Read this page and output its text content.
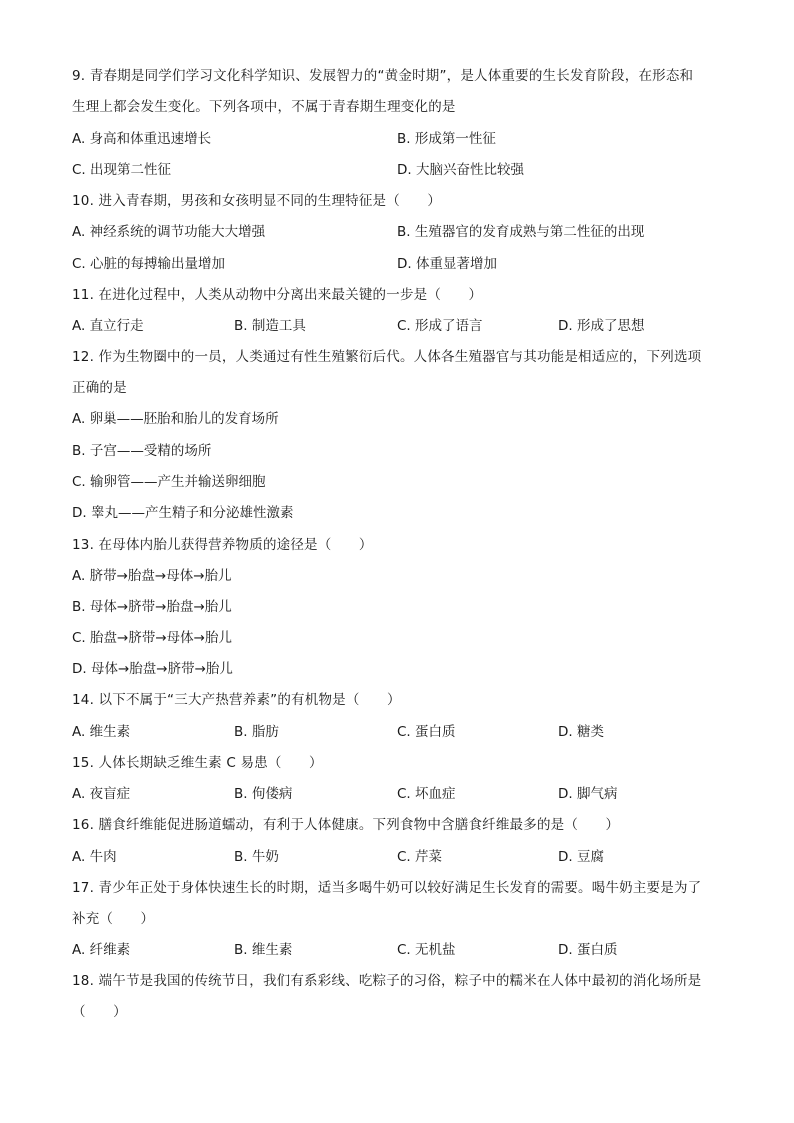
9. 青春期是同学们学习文化科学知识、发展智力的“黄金时期”，是人体重要的生长发育阶段，在形态和
生理上都会发生变化。下列各项中，不属于青春期生理变化的是
A. 身高和体重迅速增长	B. 形成第一性征
C. 出现第二性征	D. 大脑兴奋性比较强
10. 进入青春期，男孩和女孩明显不同的生理特征是（　　）
A. 神经系统的调节功能大大增强	B. 生殖器官的发育成熟与第二性征的出现
C. 心脏的每搏输出量增加	D. 体重显著增加
11. 在进化过程中，人类从动物中分离出来最关键的一步是（　　）
A. 直立行走	B. 制造工具	C. 形成了语言	D. 形成了思想
12. 作为生物圈中的一员，人类通过有性生殖繁衍后代。人体各生殖器官与其功能是相适应的，下列选项
正确的是
A. 卵巢——胚胎和胎儿的发育场所
B. 子宫——受精的场所
C. 输卵管——产生并输送卵细胞
D. 睾丸——产生精子和分泌雄性激素
13. 在母体内胎儿获得营养物质的途径是（　　）
A. 脐带→胎盘→母体→胎儿
B. 母体→脐带→胎盘→胎儿
C. 胎盘→脐带→母体→胎儿
D. 母体→胎盘→脐带→胎儿
14. 以下不属于“三大产热营养素”的有机物是（　　）
A. 维生素	B. 脂肪	C. 蛋白质	D. 糖类
15. 人体长期缺乏维生素 C 易患（　　）
A. 夜盲症	B. 佝偻病	C. 坏血症	D. 脚气病
16. 膳食纤维能促进肠道蠕动，有利于人体健康。下列食物中含膳食纤维最多的是（　　）
A. 牛肉	B. 牛奶	C. 芹菜	D. 豆腐
17. 青少年正处于身体快速生长的时期，适当多喝牛奶可以较好满足生长发育的需要。喝牛奶主要是为了
补充（　　）
A. 纤维素	B. 维生素	C. 无机盐	D. 蛋白质
18. 端午节是我国的传统节日，我们有系彩线、吃粽子的习俗，粽子中的糯米在人体中最初的消化场所是
（　　）
